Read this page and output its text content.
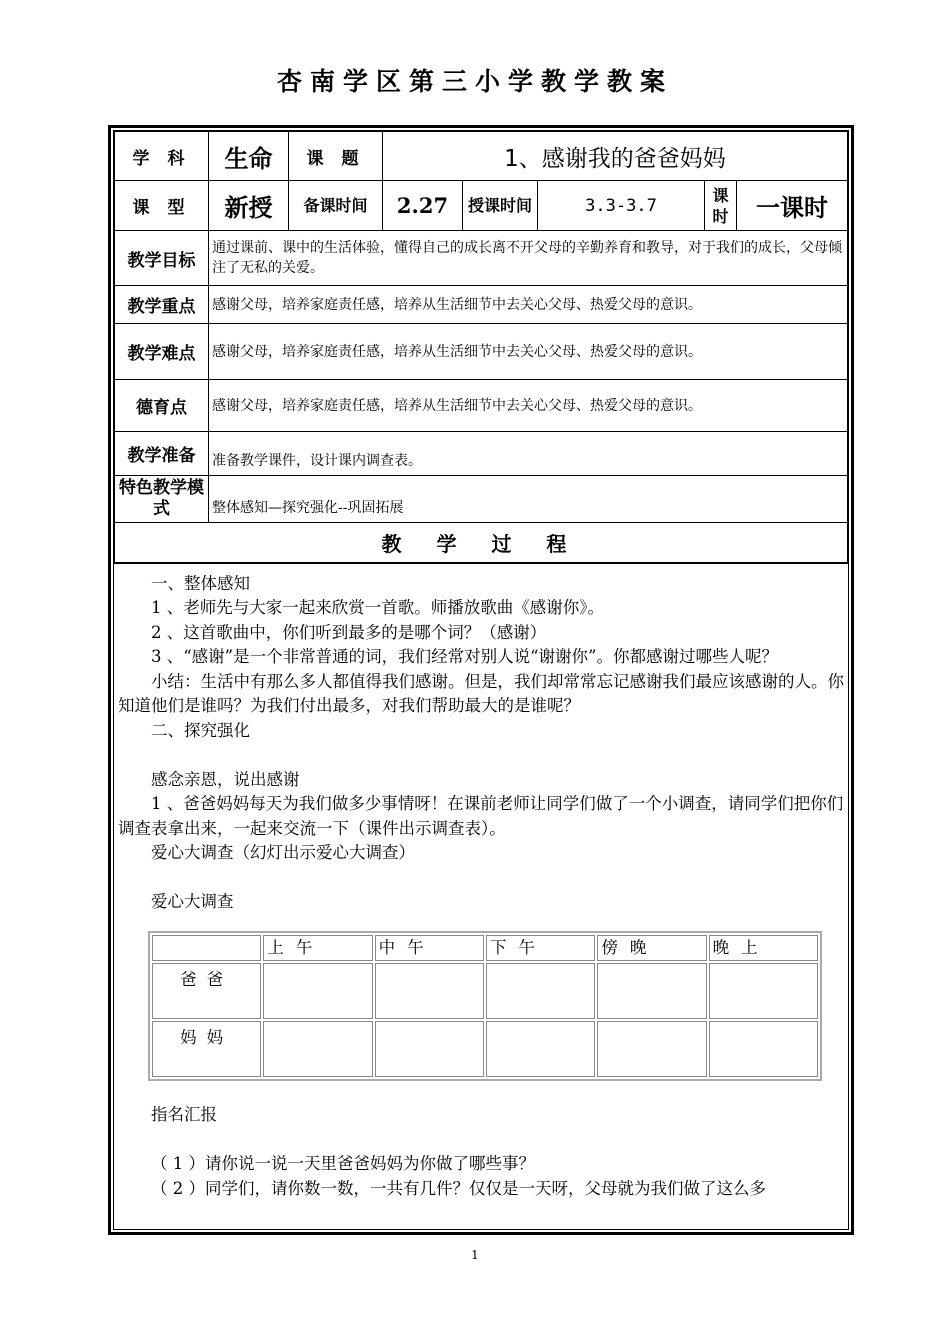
杏南学区第三小学教学教案
学 科	生命	课 题	1、感谢我的爸爸妈妈				
课 型	新授	备课时间	2.27	授课时间	3.3-3.7	课时	一课时
教学目标	通过课前、课中的生活体验，懂得自己的成长离不开父母的辛勤养育和教导，对于我们的成长，父母倾注了无私的关爱。						
教学重点	感谢父母，培养家庭责任感，培养从生活细节中去关心父母、热爱父母的意识。						
教学难点	感谢父母，培养家庭责任感，培养从生活细节中去关心父母、热爱父母的意识。						
德育点	感谢父母，培养家庭责任感，培养从生活细节中去关心父母、热爱父母的意识。						
教学准备	准备教学课件，设计课内调查表。						
特色教学模式	整体感知—探究强化--巩固拓展						
教 学 过 程							

一、整体感知

1 、老师先与大家一起来欣赏一首歌。师播放歌曲《感谢你》。

2 、这首歌曲中，你们听到最多的是哪个词？（感谢）

3 、“感谢”是一个非常普通的词，我们经常对别人说“谢谢你”。你都感谢过哪些人呢？

小结：生活中有那么多人都值得我们感谢。但是，我们却常常忘记感谢我们最应该感谢的人。你知道他们是谁吗？为我们付出最多，对我们帮助最大的是谁呢？

二、探究强化

感念亲恩，说出感谢

1 、爸爸妈妈每天为我们做多少事情呀！在课前老师让同学们做了一个小调查，请同学们把你们调查表拿出来，一起来交流一下（课件出示调查表）。

爱心大调查（幻灯出示爱心大调查）

爱心大调查

	上午	中午	下午	傍晚	晚上
爸爸					
妈妈					

指名汇报

（ 1 ）请你说一说一天里爸爸妈妈为你做了哪些事？

（ 2 ）同学们，请你数一数，一共有几件？仅仅是一天呀，父母就为我们做了这么多

1
